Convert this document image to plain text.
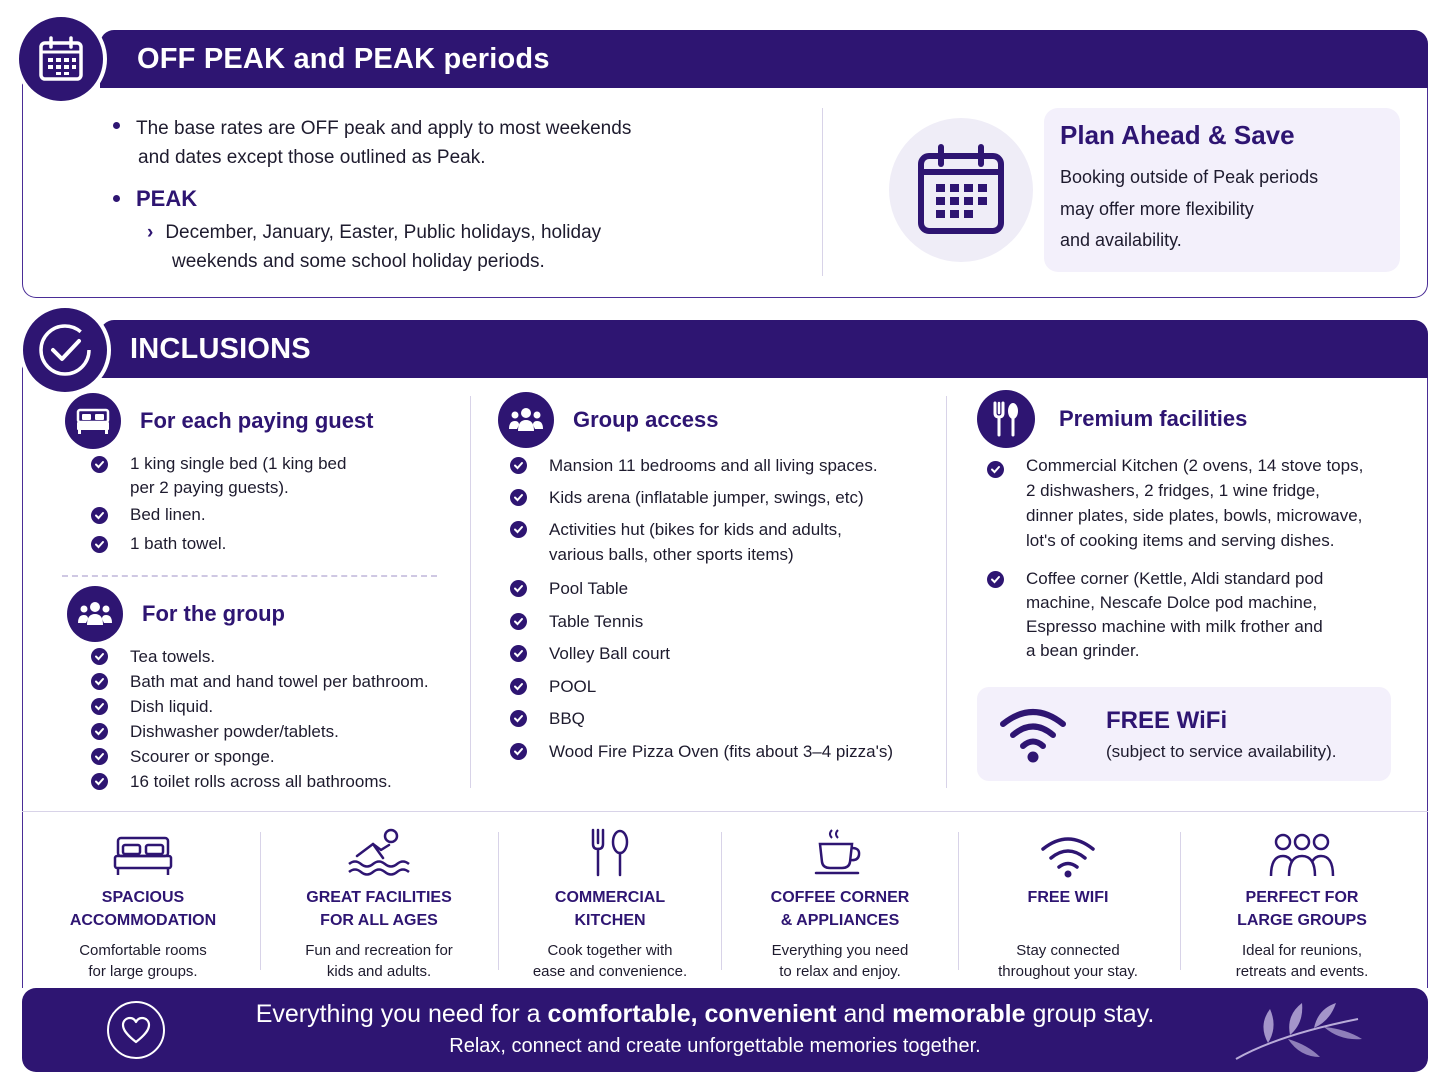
OFF PEAK and PEAK periods
The base rates are OFF peak and apply to most weekends
and dates except those outlined as Peak.
PEAK
› December, January, Easter, Public holidays, holiday
weekends and some school holiday periods.
Plan Ahead & Save
Booking outside of Peak periods
may offer more flexibility
and availability.
INCLUSIONS
For each paying guest
1 king single bed (1 king bed
per 2 paying guests).
Bed linen.
1 bath towel.
For the group
Tea towels.
Bath mat and hand towel per bathroom.
Dish liquid.
Dishwasher powder/tablets.
Scourer or sponge.
16 toilet rolls across all bathrooms.
Group access
Mansion 11 bedrooms and all living spaces.
Kids arena (inflatable jumper, swings, etc)
Activities hut (bikes for kids and adults,
various balls, other sports items)
Pool Table
Table Tennis
Volley Ball court
POOL
BBQ
Wood Fire Pizza Oven (fits about 3–4 pizza's)
Premium facilities
Commercial Kitchen (2 ovens, 14 stove tops,
2 dishwashers, 2 fridges, 1 wine fridge,
dinner plates, side plates, bowls, microwave,
lot's of cooking items and serving dishes.
Coffee corner (Kettle, Aldi standard pod
machine, Nescafe Dolce pod machine,
Espresso machine with milk frother and
a bean grinder.
FREE WiFi
(subject to service availability).
SPACIOUS
ACCOMMODATION
Comfortable rooms
for large groups.
GREAT FACILITIES
FOR ALL AGES
Fun and recreation for
kids and adults.
COMMERCIAL
KITCHEN
Cook together with
ease and convenience.
COFFEE CORNER
& APPLIANCES
Everything you need
to relax and enjoy.
FREE WIFI
Stay connected
throughout your stay.
PERFECT FOR
LARGE GROUPS
Ideal for reunions,
retreats and events.
Everything you need for a comfortable, convenient and memorable group stay.
Relax, connect and create unforgettable memories together.
